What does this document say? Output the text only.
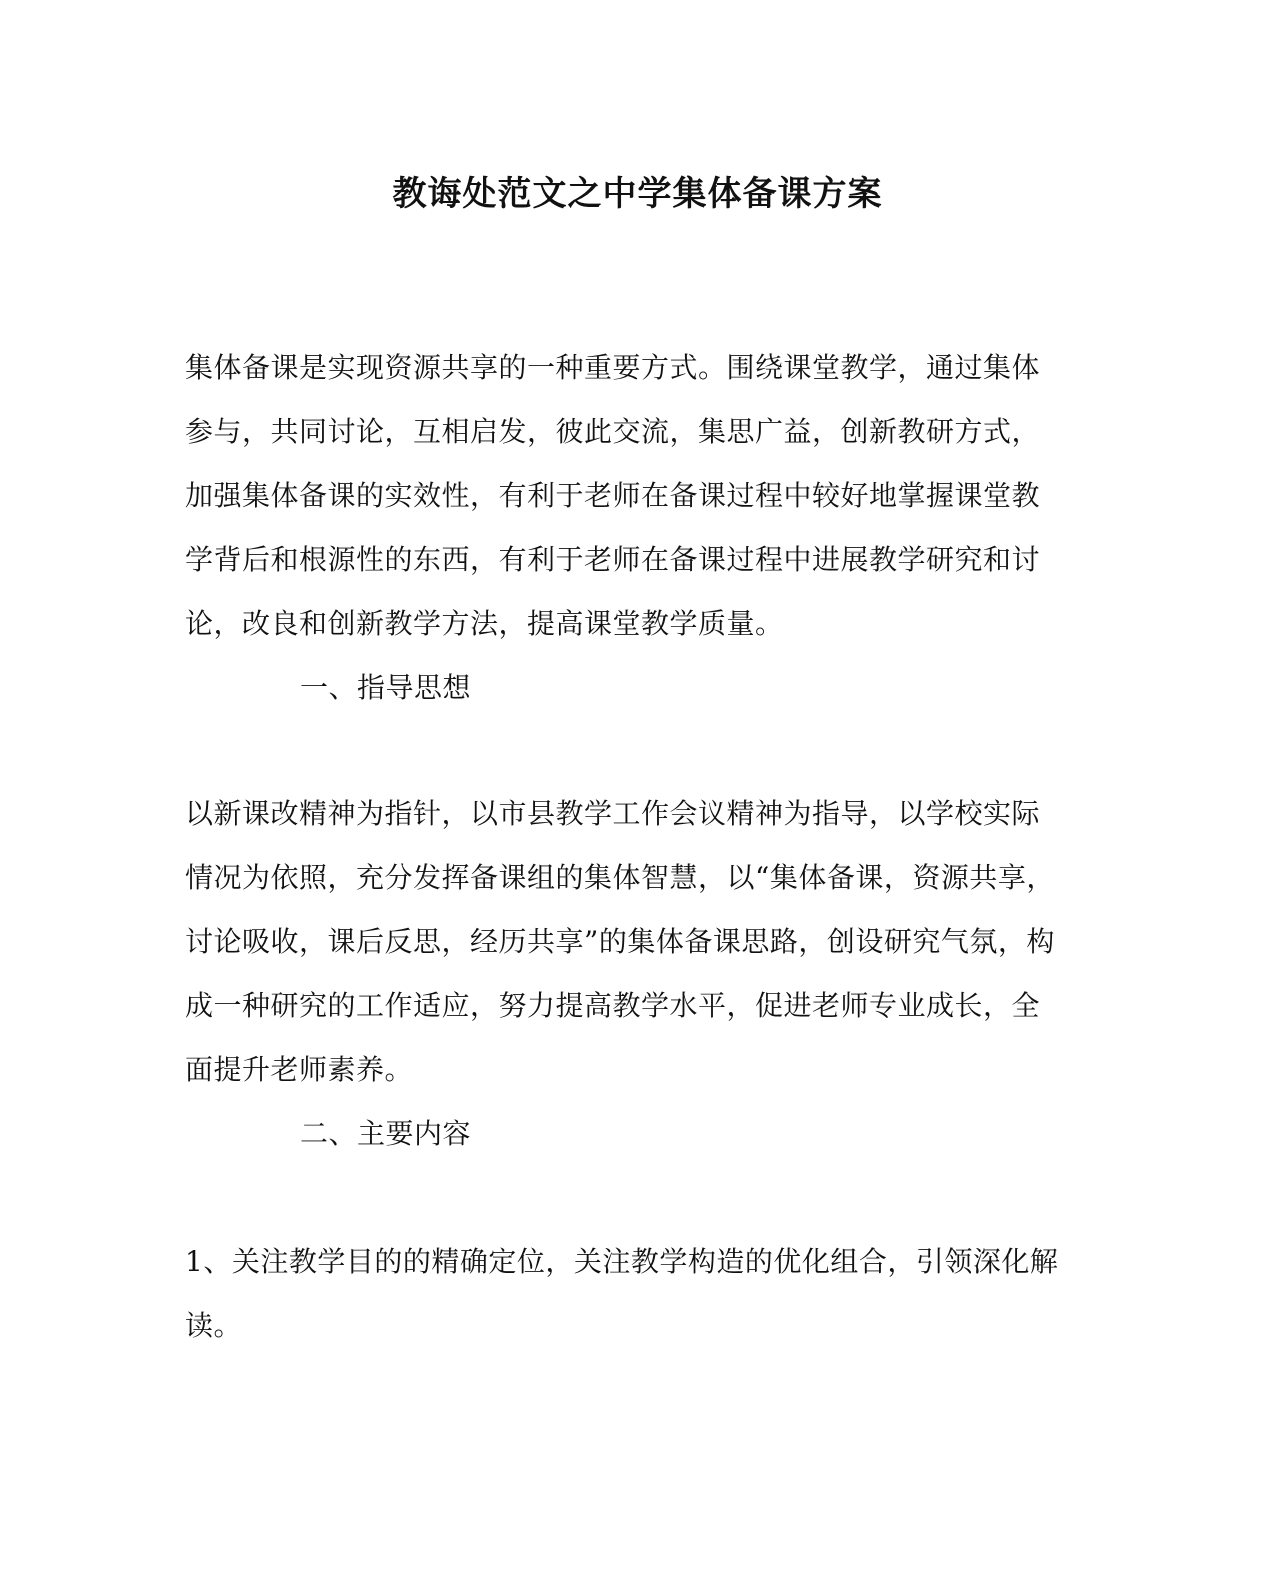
教诲处范文之中学集体备课方案

集体备课是实现资源共享的一种重要方式。围绕课堂教学，通过集体参与，共同讨论，互相启发，彼此交流，集思广益，创新教研方式，加强集体备课的实效性，有利于老师在备课过程中较好地掌握课堂教学背后和根源性的东西，有利于老师在备课过程中进展教学研究和讨论，改良和创新教学方法，提高课堂教学质量。

一、指导思想

以新课改精神为指针，以市县教学工作会议精神为指导，以学校实际情况为依照，充分发挥备课组的集体智慧，以“集体备课，资源共享，讨论吸收，课后反思，经历共享”的集体备课思路，创设研究气氛，构成一种研究的工作适应，努力提高教学水平，促进老师专业成长，全面提升老师素养。

二、主要内容

1、关注教学目的的精确定位，关注教学构造的优化组合，引领深化解读。
